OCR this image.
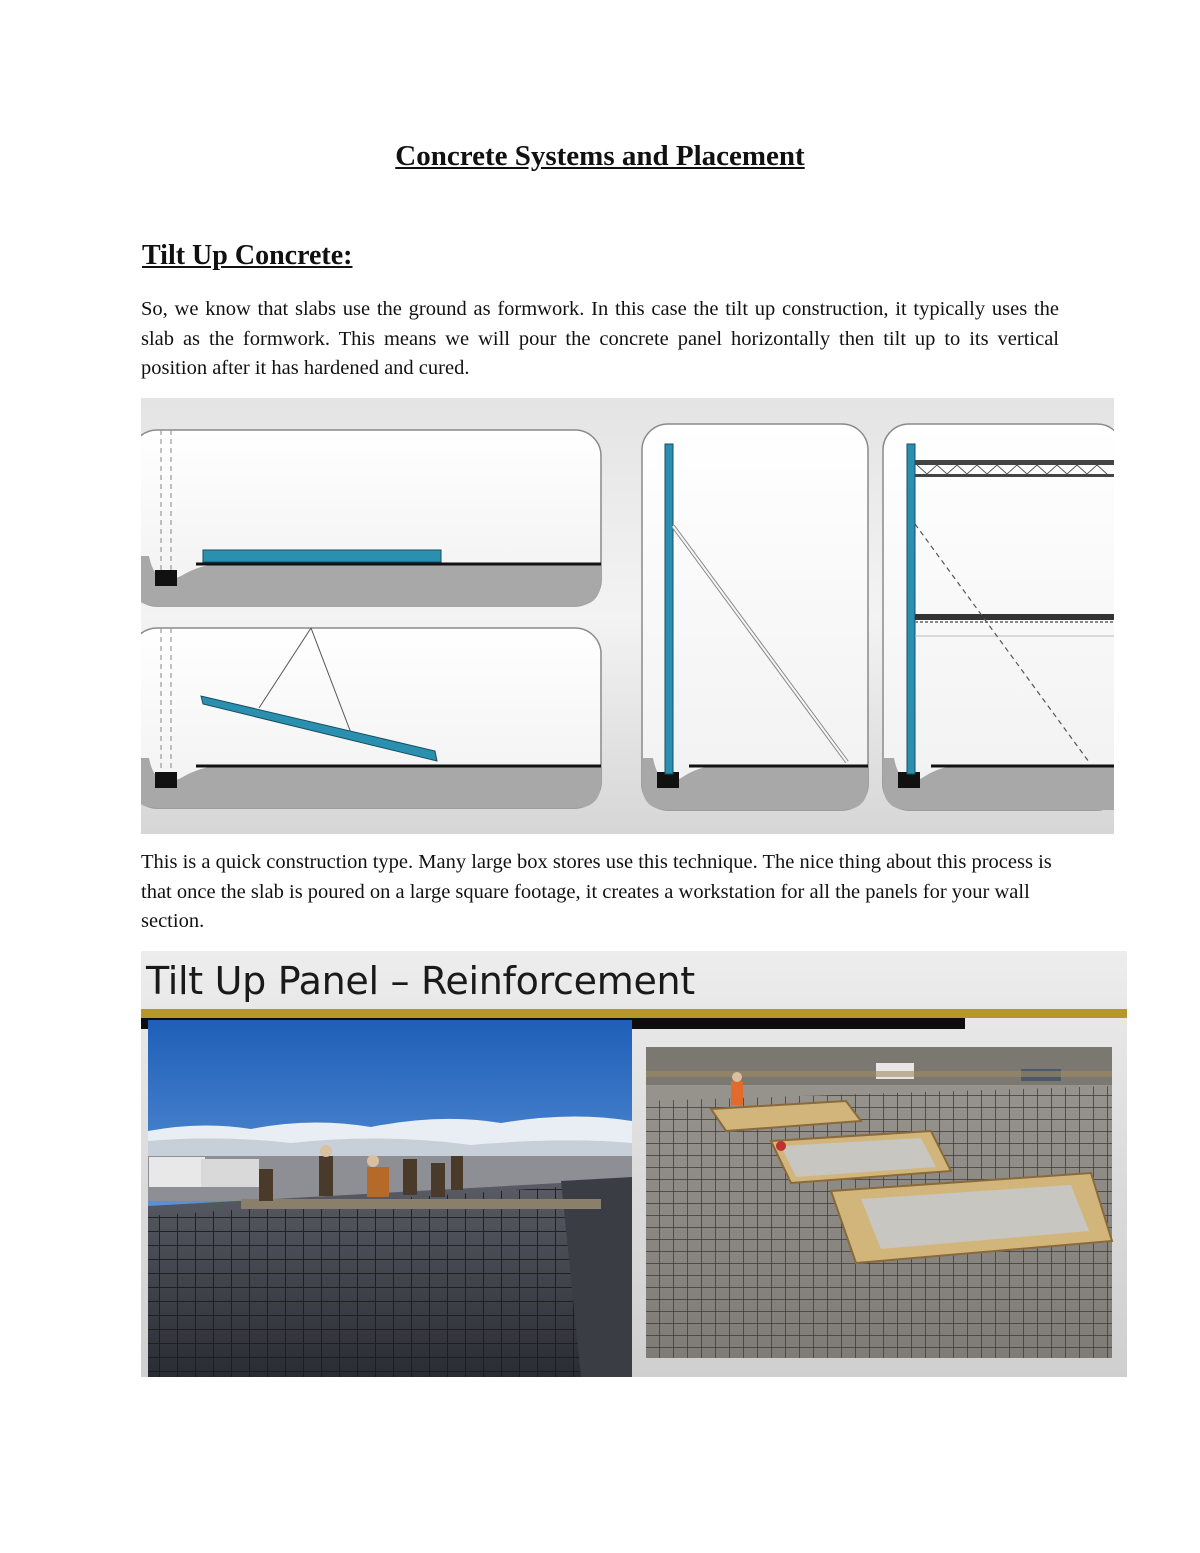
Concrete Systems and Placement
Tilt Up Concrete:

So, we know that slabs use the ground as formwork. In this case the tilt up construction, it typically uses the slab as the formwork. This means we will pour the concrete panel horizontally then tilt up to its vertical position after it has hardened and cured.

This is a quick construction type. Many large box stores use this technique. The nice thing about this process is that once the slab is poured on a large square footage, it creates a workstation for all the panels for your wall section.

Tilt Up Panel – Reinforcement
